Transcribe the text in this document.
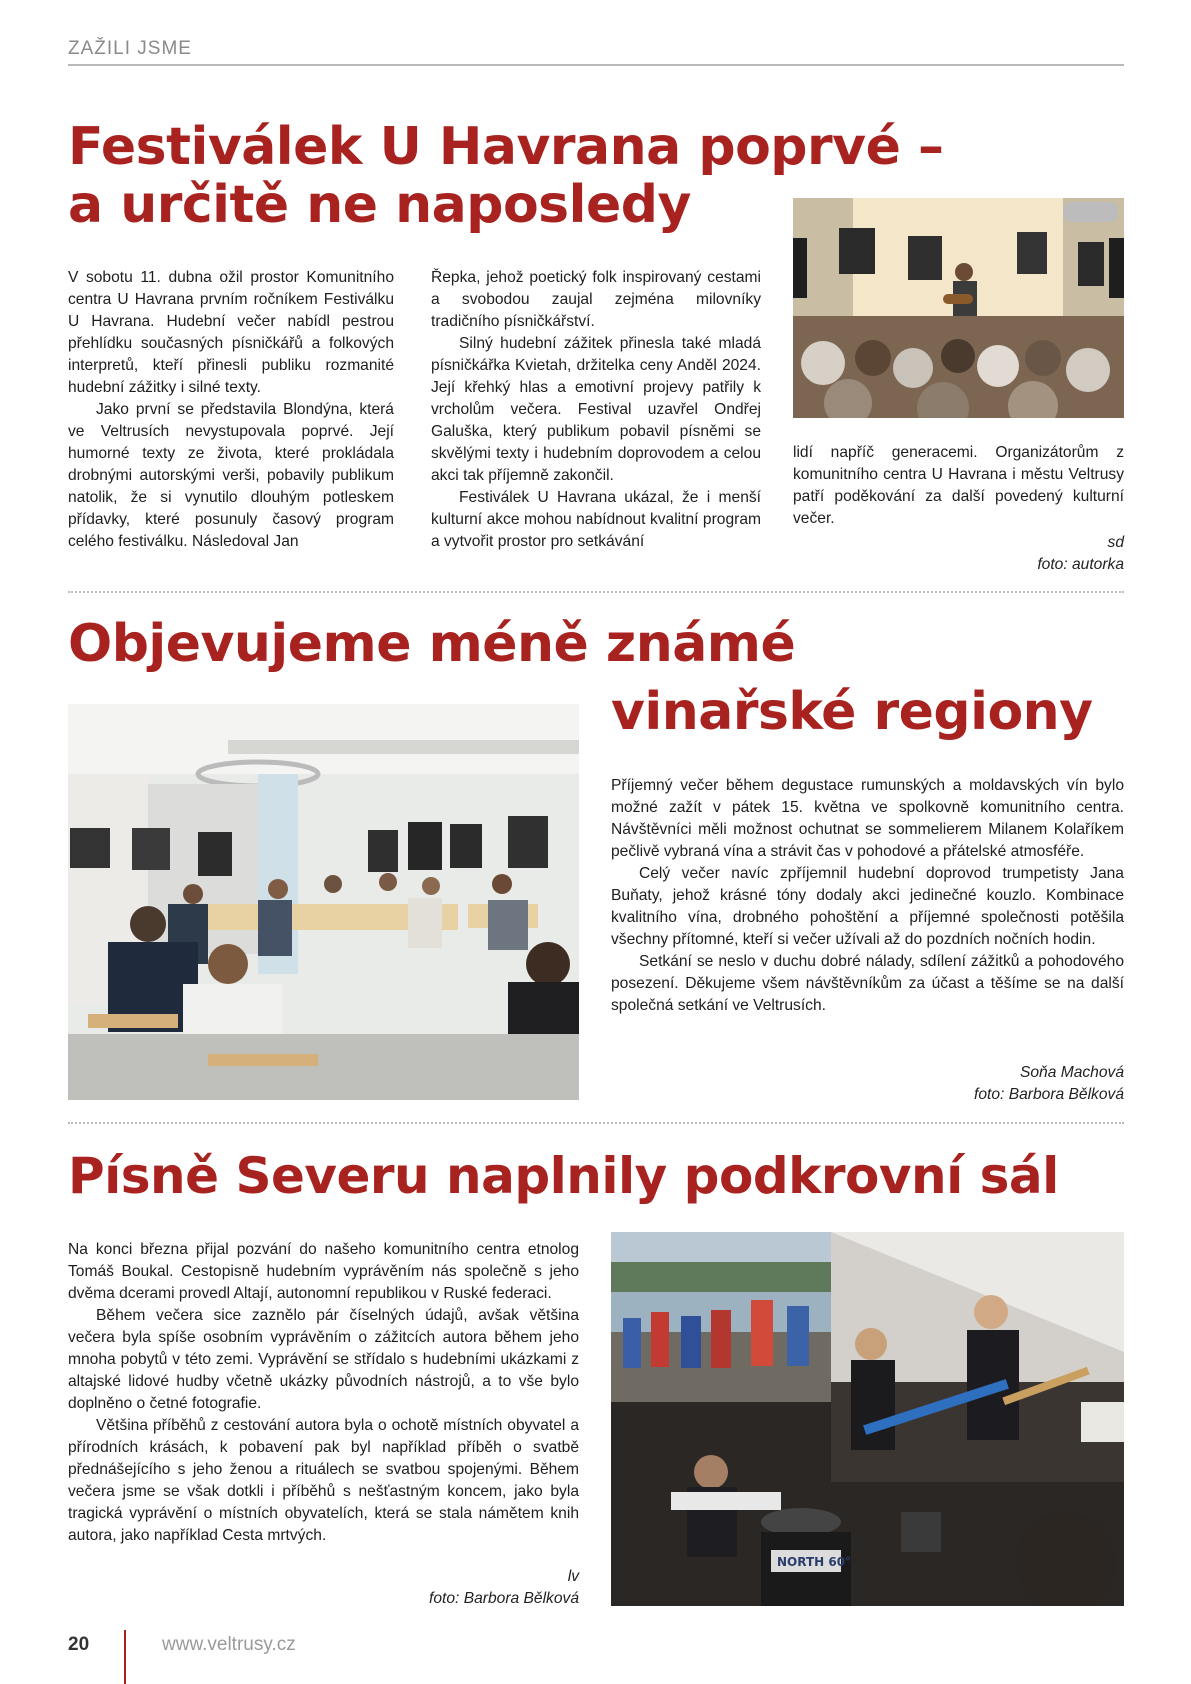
ZAŽILI JSME
Festiválek U Havrana poprvé –
a určitě ne naposledy

V sobotu 11. dubna ožil prostor Komunitního centra U Havrana prvním ročníkem Festiválku U Havrana. Hudební večer nabídl pestrou přehlídku současných písničkářů a folkových interpretů, kteří přinesli publiku rozmanité hudební zážitky i silné texty.

Jako první se představila Blondýna, která ve Veltrusích nevystupovala poprvé. Její humorné texty ze života, které prokládala drobnými autorskými verši, pobavily publikum natolik, že si vynutilo dlouhým potleskem přídavky, které posunuly časový program celého festiválku. Následoval Jan

Řepka, jehož poetický folk inspirovaný cestami a svobodou zaujal zejména milovníky tradičního písničkářství.

Silný hudební zážitek přinesla také mladá písničkářka Kvietah, držitelka ceny Anděl 2024. Její křehký hlas a emotivní projevy patřily k vrcholům večera. Festival uzavřel Ondřej Galuška, který publikum pobavil písněmi se skvělými texty i hudebním doprovodem a celou akci tak příjemně zakončil.

Festiválek U Havrana ukázal, že i menší kulturní akce mohou nabídnout kvalitní program a vytvořit prostor pro setkávání

lidí napříč generacemi. Organizátorům z komunitního centra U Havrana i městu Veltrusy patří poděkování za další povedený kulturní večer.

sd
foto: autorka
Objevujeme méně známé
vinařské regiony

Příjemný večer během degustace rumunských a moldavských vín bylo možné zažít v pátek 15. května ve spolkovně komunitního centra. Návštěvníci měli možnost ochutnat se sommelierem Milanem Kolaříkem pečlivě vybraná vína a strávit čas v pohodové a přátelské atmosféře.

Celý večer navíc zpříjemnil hudební doprovod trumpetisty Jana Buňaty, jehož krásné tóny dodaly akci jedinečné kouzlo. Kombinace kvalitního vína, drobného pohoštění a příjemné společnosti potěšila všechny přítomné, kteří si večer užívali až do pozdních nočních hodin.

Setkání se neslo v duchu dobré nálady, sdílení zážitků a pohodového posezení. Děkujeme všem návštěvníkům za účast a těšíme se na další společná setkání ve Veltrusích.

Soňa Machová
foto: Barbora Bělková
Písně Severu naplnily podkrovní sál

Na konci března přijal pozvání do našeho komunitního centra etnolog Tomáš Boukal. Cestopisně hudebním vyprávěním nás společně s jeho dvěma dcerami provedl Altají, autonomní republikou v Ruské federaci.

Během večera sice zaznělo pár číselných údajů, avšak většina večera byla spíše osobním vyprávěním o zážitcích autora během jeho mnoha pobytů v této zemi. Vyprávění se střídalo s hudebními ukázkami z altajské lidové hudby včetně ukázky původních nástrojů, a to vše bylo doplněno o četné fotografie.

Většina příběhů z cestování autora byla o ochotě místních obyvatel a přírodních krásách, k pobavení pak byl například příběh o svatbě přednášejícího s jeho ženou a rituálech se svatbou spojenými. Během večera jsme se však dotkli i příběhů s nešťastným koncem, jako byla tragická vyprávění o místních obyvatelích, která se stala námětem knih autora, jako například Cesta mrtvých.

lv
foto: Barbora Bělková
NORTH 60°
20	www.veltrusy.cz
